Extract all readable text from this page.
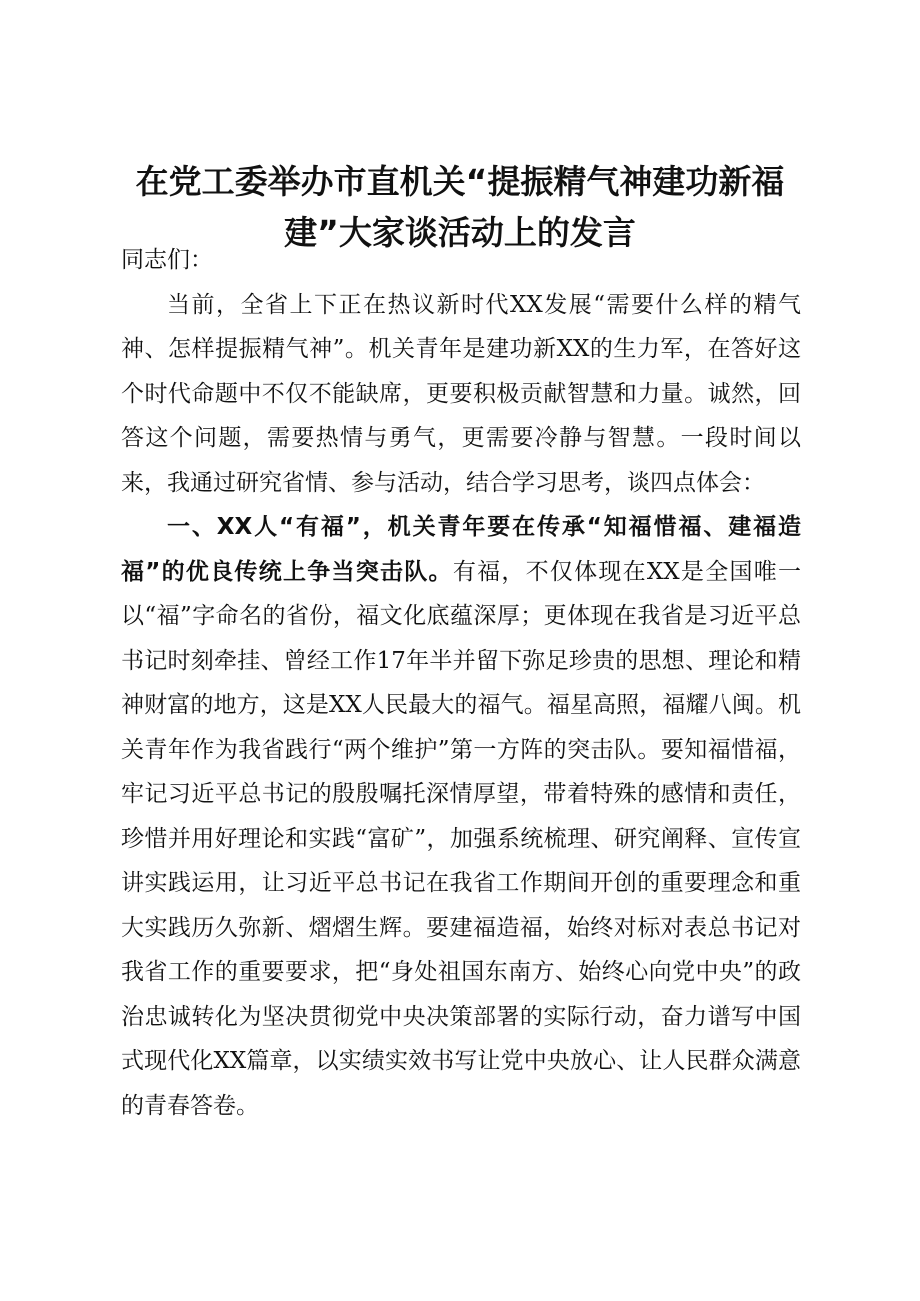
在党工委举办市直机关“提振精气神建功新福建”大家谈活动上的发言

同志们：

当前，全省上下正在热议新时代XX发展“需要什么样的精气神、怎样提振精气神”。机关青年是建功新XX的生力军，在答好这个时代命题中不仅不能缺席，更要积极贡献智慧和力量。诚然，回答这个问题，需要热情与勇气，更需要冷静与智慧。一段时间以来，我通过研究省情、参与活动，结合学习思考，谈四点体会：

一、XX人“有福”，机关青年要在传承“知福惜福、建福造福”的优良传统上争当突击队。有福，不仅体现在XX是全国唯一以“福”字命名的省份，福文化底蕴深厚；更体现在我省是习近平总书记时刻牵挂、曾经工作17年半并留下弥足珍贵的思想、理论和精神财富的地方，这是XX人民最大的福气。福星高照，福耀八闽。机关青年作为我省践行“两个维护”第一方阵的突击队。要知福惜福，牢记习近平总书记的殷殷嘱托深情厚望，带着特殊的感情和责任，珍惜并用好理论和实践“富矿”，加强系统梳理、研究阐释、宣传宣讲实践运用，让习近平总书记在我省工作期间开创的重要理念和重大实践历久弥新、熠熠生辉。要建福造福，始终对标对表总书记对我省工作的重要要求，把“身处祖国东南方、始终心向党中央”的政治忠诚转化为坚决贯彻党中央决策部署的实际行动，奋力谱写中国式现代化XX篇章，以实绩实效书写让党中央放心、让人民群众满意的青春答卷。
